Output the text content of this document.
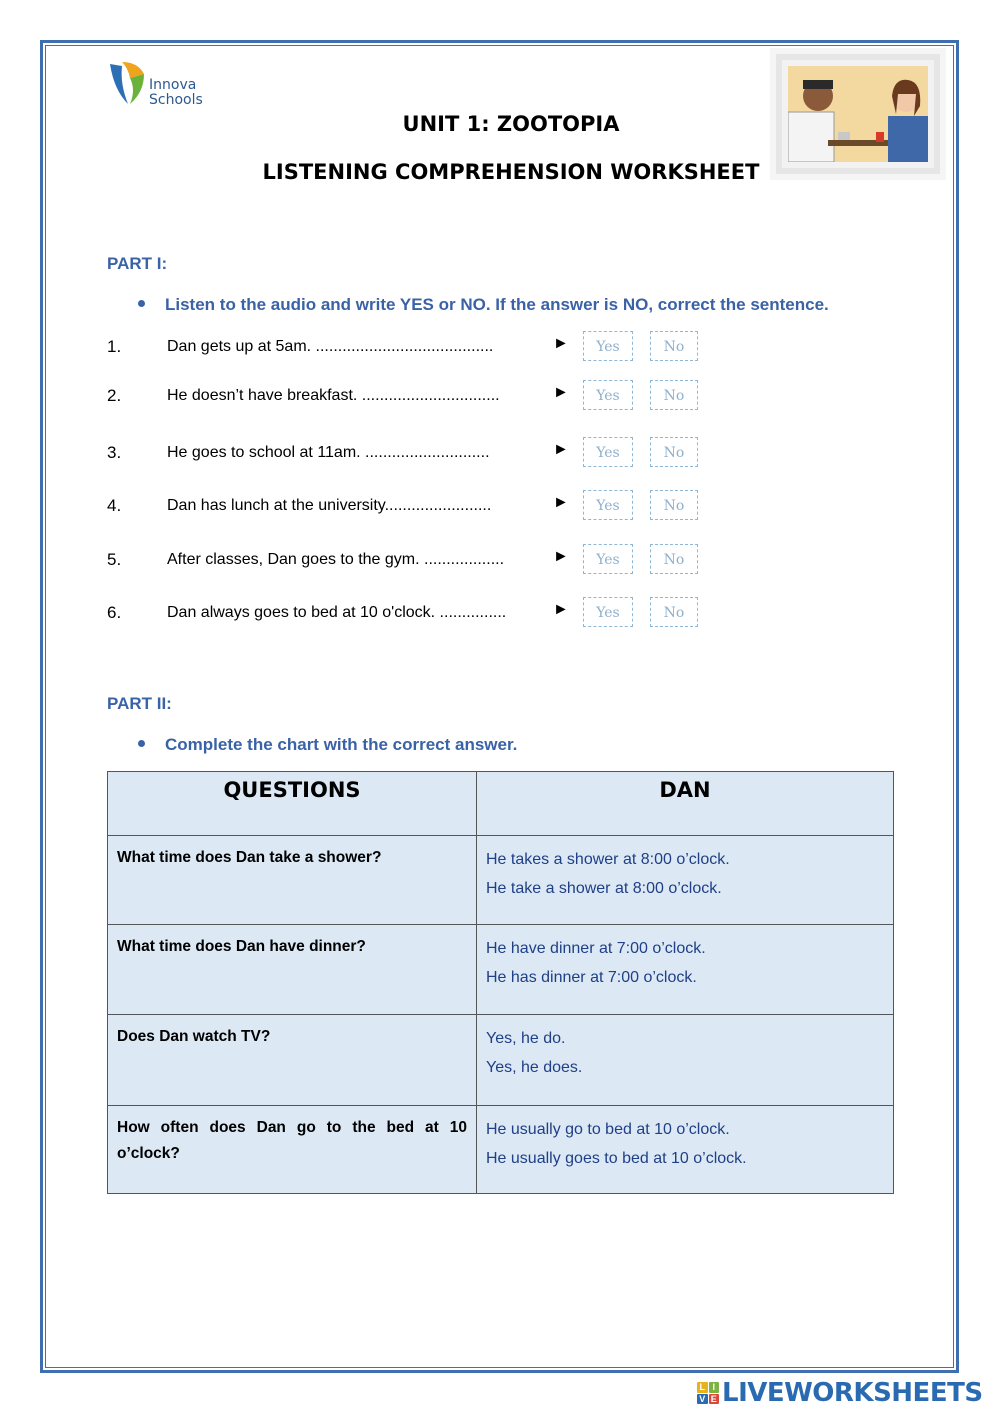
Innova
Schools
UNIT 1: ZOOTOPIA
LISTENING COMPREHENSION WORKSHEET
PART I:
Listen to the audio and write YES or NO. If the answer is NO, correct the sentence.
1.	Dan gets up at 5am. ........................................	►	Yes	No
2.	He doesn’t have breakfast. ...............................	►	Yes	No
3.	He goes to school at 11am. ............................	►	Yes	No
4.	Dan has lunch at the university........................	►	Yes	No
5.	After classes, Dan goes to the gym. ..................	►	Yes	No
6.	Dan always goes to bed at 10 o'clock. ...............	►	Yes	No
PART II:
Complete the chart with the correct answer.
QUESTIONS	DAN
What time does Dan take a shower?	He takes a shower at 8:00 o’clock.
He take a shower at 8:00 o’clock.

What time does Dan have dinner?	He have dinner at 7:00 o’clock.
He has dinner at 7:00 o’clock.

Does Dan watch TV?	Yes, he do.
Yes, he does.

How often does Dan go to the bed at 10 o’clock?	He usually go to bed at 10 o’clock.
He usually goes to bed at 10 o’clock.
L I
V E LIVEWORKSHEETS
